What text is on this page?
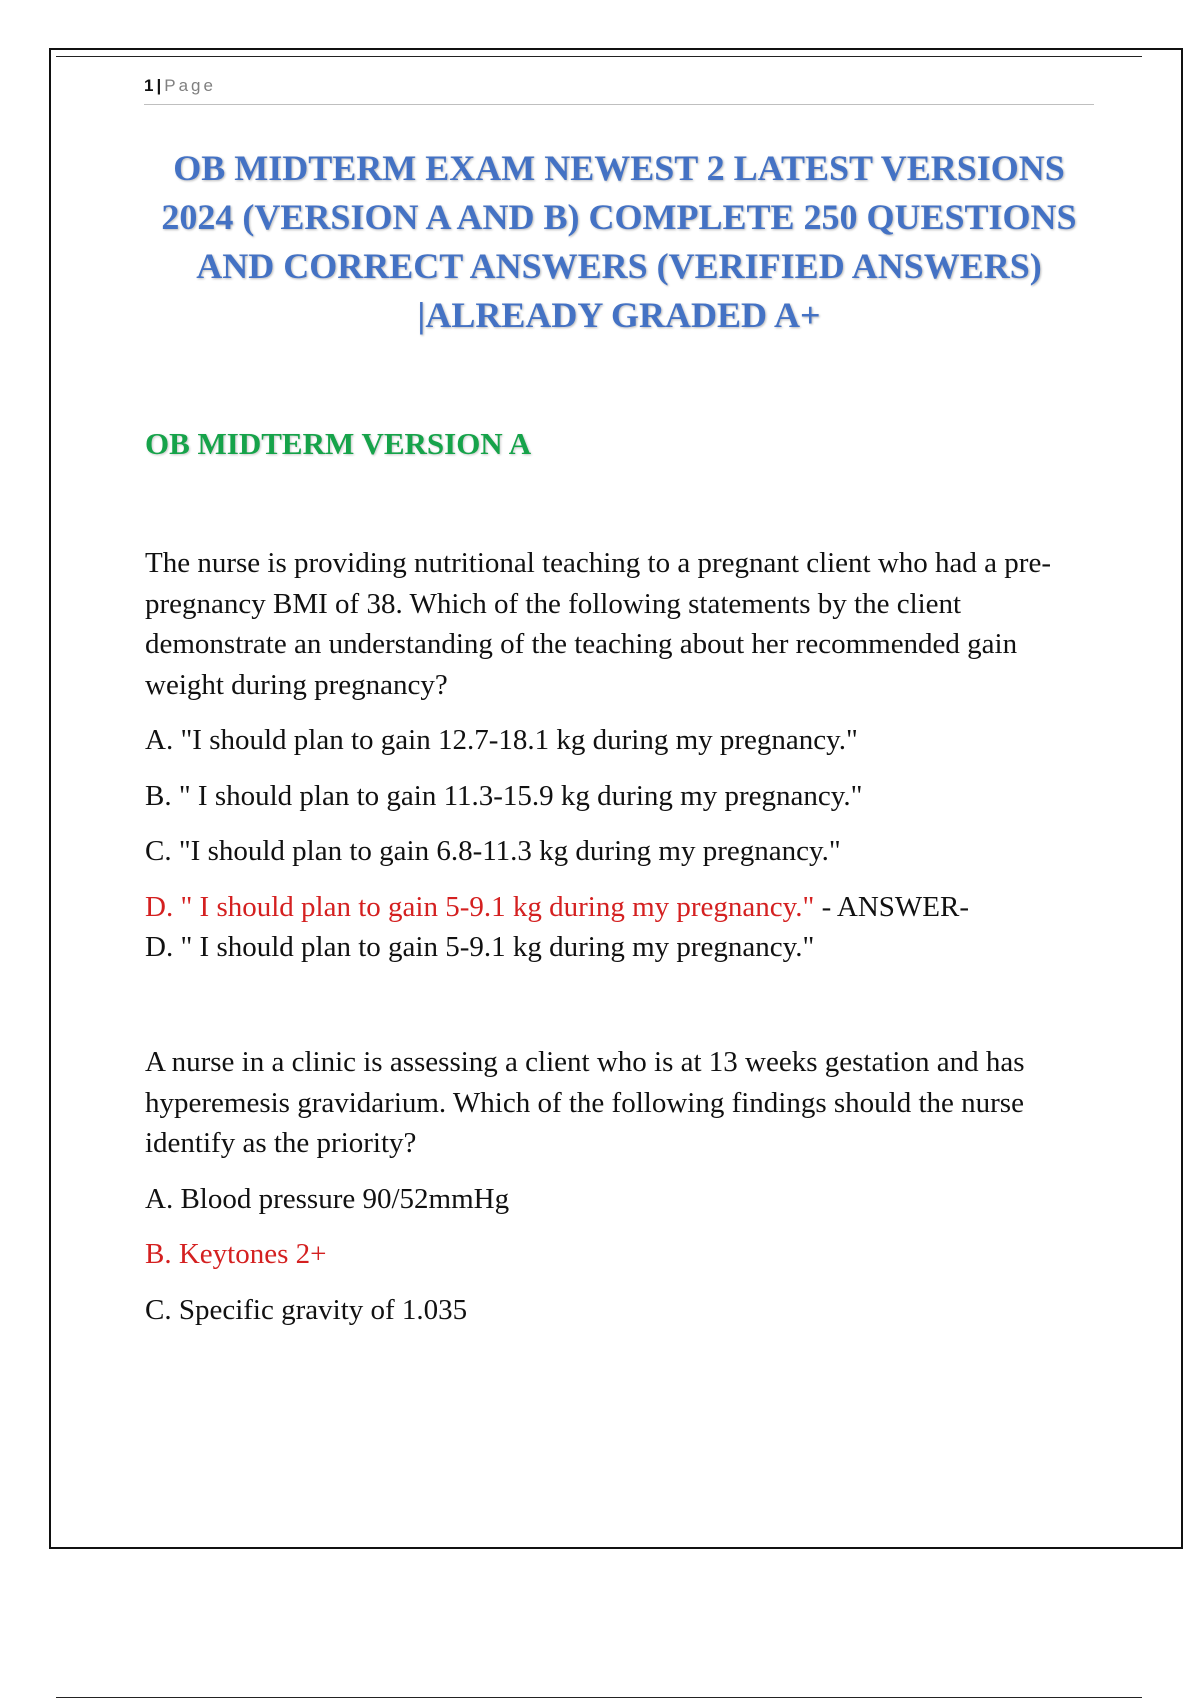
1 | Page
OB MIDTERM EXAM NEWEST 2 LATEST VERSIONS 2024 (VERSION A AND B) COMPLETE 250 QUESTIONS AND CORRECT ANSWERS (VERIFIED ANSWERS) |ALREADY GRADED A+
OB MIDTERM VERSION A

The nurse is providing nutritional teaching to a pregnant client who had a pre-pregnancy BMI of 38. Which of the following statements by the client demonstrate an understanding of the teaching about her recommended gain weight during pregnancy?

A. "I should plan to gain 12.7-18.1 kg during my pregnancy."

B. " I should plan to gain 11.3-15.9 kg during my pregnancy."

C. "I should plan to gain 6.8-11.3 kg during my pregnancy."

D. " I should plan to gain 5-9.1 kg during my pregnancy." - ANSWER-
D. " I should plan to gain 5-9.1 kg during my pregnancy."

A nurse in a clinic is assessing a client who is at 13 weeks gestation and has hyperemesis gravidarium. Which of the following findings should the nurse identify as the priority?

A. Blood pressure 90/52mmHg

B. Keytones 2+

C. Specific gravity of 1.035
